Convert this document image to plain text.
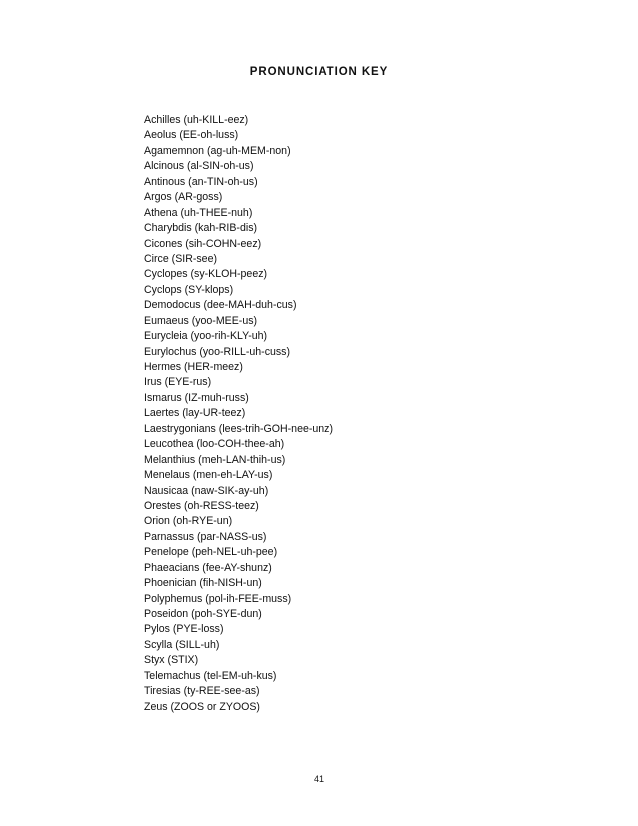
PRONUNCIATION KEY
Achilles (uh-KILL-eez)
Aeolus (EE-oh-luss)
Agamemnon (ag-uh-MEM-non)
Alcinous (al-SIN-oh-us)
Antinous (an-TIN-oh-us)
Argos (AR-goss)
Athena (uh-THEE-nuh)
Charybdis (kah-RIB-dis)
Cicones (sih-COHN-eez)
Circe (SIR-see)
Cyclopes (sy-KLOH-peez)
Cyclops (SY-klops)
Demodocus (dee-MAH-duh-cus)
Eumaeus (yoo-MEE-us)
Eurycleia (yoo-rih-KLY-uh)
Eurylochus (yoo-RILL-uh-cuss)
Hermes (HER-meez)
Irus (EYE-rus)
Ismarus (IZ-muh-russ)
Laertes (lay-UR-teez)
Laestrygonians (lees-trih-GOH-nee-unz)
Leucothea (loo-COH-thee-ah)
Melanthius (meh-LAN-thih-us)
Menelaus (men-eh-LAY-us)
Nausicaa (naw-SIK-ay-uh)
Orestes (oh-RESS-teez)
Orion (oh-RYE-un)
Parnassus (par-NASS-us)
Penelope (peh-NEL-uh-pee)
Phaeacians (fee-AY-shunz)
Phoenician (fih-NISH-un)
Polyphemus (pol-ih-FEE-muss)
Poseidon (poh-SYE-dun)
Pylos (PYE-loss)
Scylla (SILL-uh)
Styx (STIX)
Telemachus (tel-EM-uh-kus)
Tiresias (ty-REE-see-as)
Zeus (ZOOS or ZYOOS)
41
